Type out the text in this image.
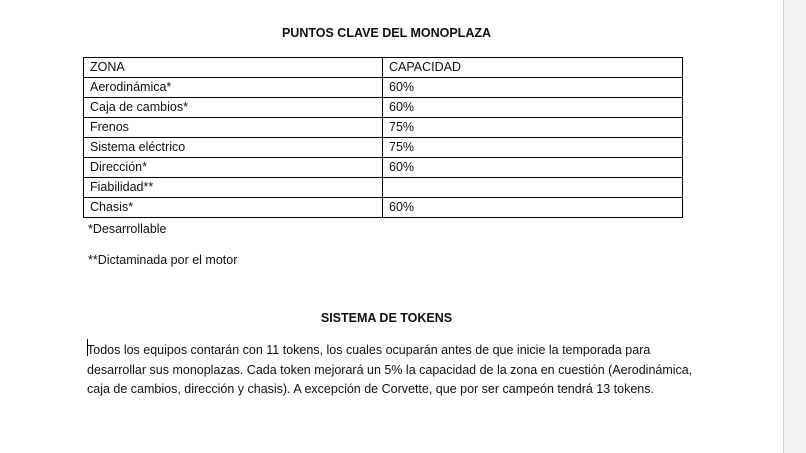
PUNTOS CLAVE DEL MONOPLAZA
ZONA	CAPACIDAD
Aerodinámica*	60%
Caja de cambios*	60%
Frenos	75%
Sistema eléctrico	75%
Dirección*	60%
Fiabilidad**	
Chasis*	60%
*Desarrollable
**Dictaminada por el motor
SISTEMA DE TOKENS
Todos los equipos contarán con 11 tokens, los cuales ocuparán antes de que inicie la temporada para desarrollar sus monoplazas. Cada token mejorará un 5% la capacidad de la zona en cuestión (Aerodinámica, caja de cambios, dirección y chasis). A excepción de Corvette, que por ser campeón tendrá 13 tokens.
